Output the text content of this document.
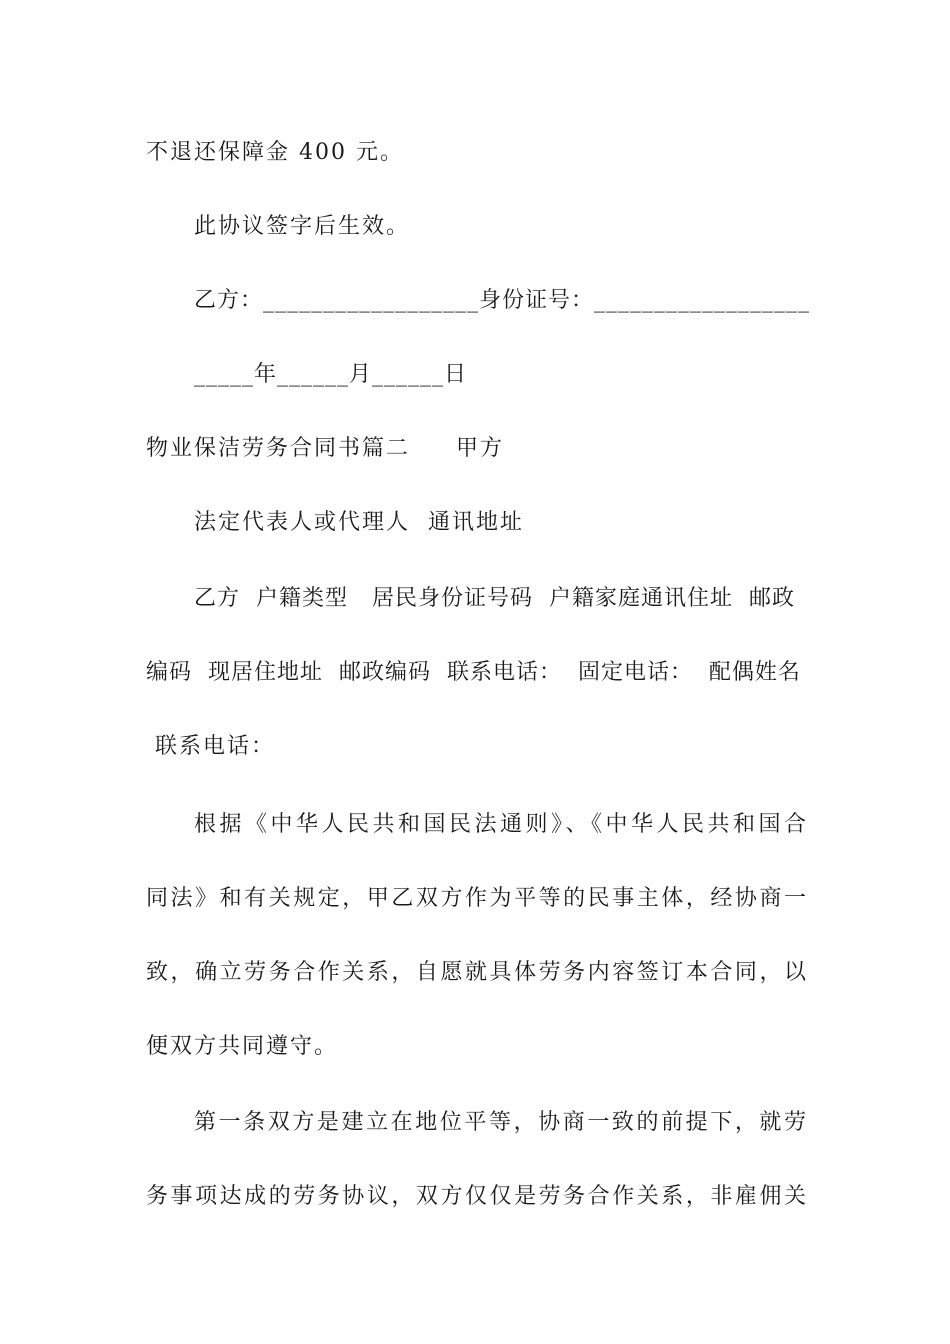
不退还保障金 400 元。
此协议签字后生效。
乙方：__________________身份证号：__________________
_____年______月______日
物业保洁劳务合同书篇二 甲方
法定代表人或代理人  通讯地址
乙方  户籍类型   居民身份证号码  户籍家庭通讯住址  邮政
编码  现居住地址  邮政编码  联系电话：  固定电话：  配偶姓名
联系电话：
根据《中华人民共和国民法通则》、《中华人民共和国合
同法》和有关规定，甲乙双方作为平等的民事主体，经协商一
致，确立劳务合作关系，自愿就具体劳务内容签订本合同，以
便双方共同遵守。
第一条双方是建立在地位平等，协商一致的前提下，就劳
务事项达成的劳务协议，双方仅仅是劳务合作关系，非雇佣关
